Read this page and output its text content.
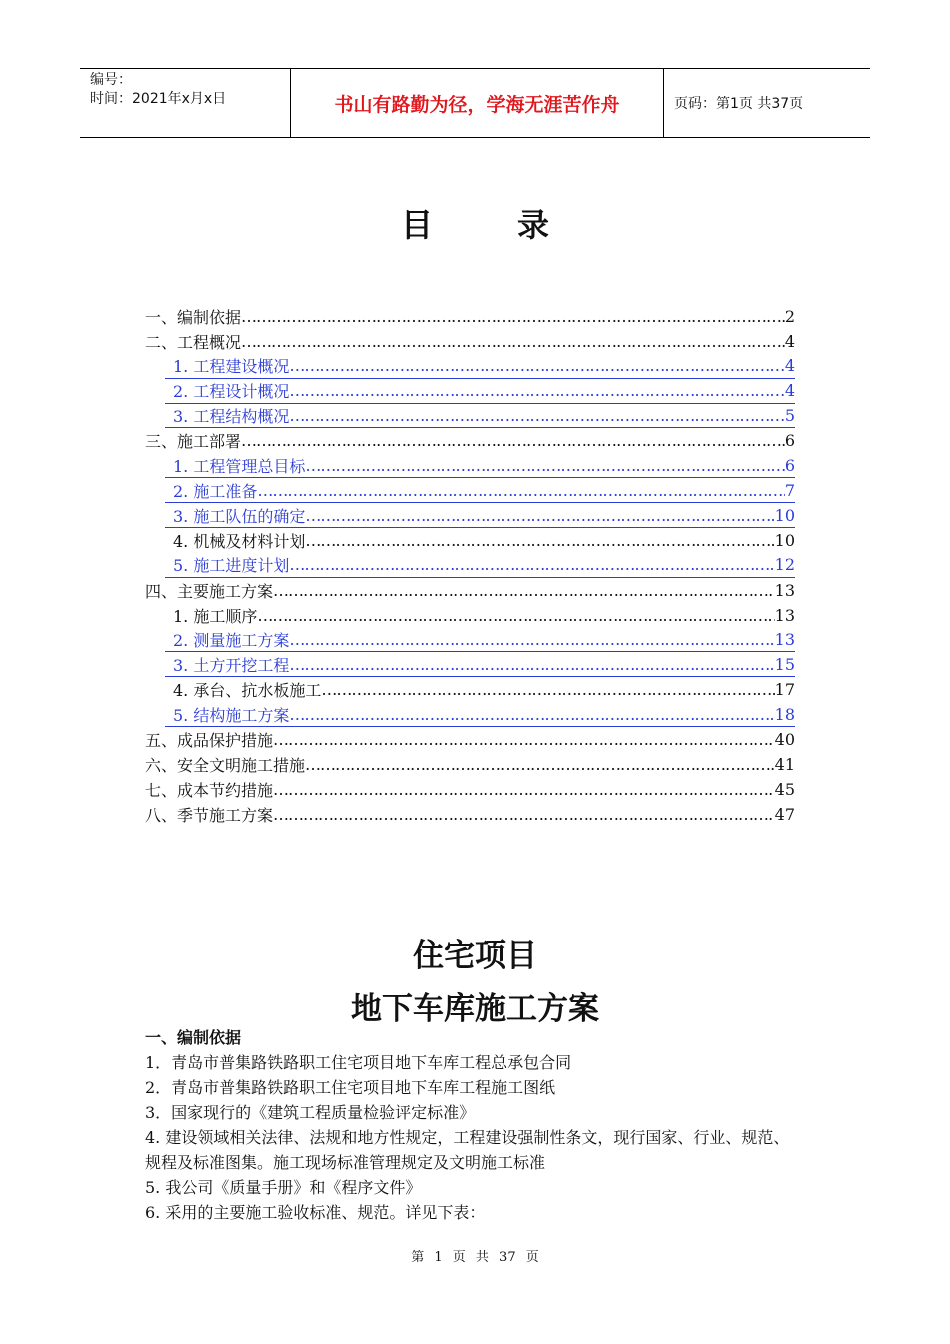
编号：
时间：2021年x月x日	书山有路勤为径，学海无涯苦作舟	页码：第1页 共37页
目录
一、编制依据 ………………………………………………………………………………………………………………………………………………………………	2
二、工程概况 ………………………………………………………………………………………………………………………………………………………………	4
1. 工程建设概况 ………………………………………………………………………………………………………………………………………………………………	4
2. 工程设计概况 ………………………………………………………………………………………………………………………………………………………………	4
3. 工程结构概况 ………………………………………………………………………………………………………………………………………………………………	5
三、施工部署 ………………………………………………………………………………………………………………………………………………………………	6
1. 工程管理总目标 ………………………………………………………………………………………………………………………………………………………………	6
2. 施工准备 ………………………………………………………………………………………………………………………………………………………………	7
3. 施工队伍的确定 ………………………………………………………………………………………………………………………………………………………………	10
4. 机械及材料计划 ………………………………………………………………………………………………………………………………………………………………	10
5. 施工进度计划 ………………………………………………………………………………………………………………………………………………………………	12
四、主要施工方案 ………………………………………………………………………………………………………………………………………………………………	13
1. 施工顺序 ………………………………………………………………………………………………………………………………………………………………	13
2. 测量施工方案 ………………………………………………………………………………………………………………………………………………………………	13
3. 土方开挖工程 ………………………………………………………………………………………………………………………………………………………………	15
4. 承台、抗水板施工 ………………………………………………………………………………………………………………………………………………………………	17
5. 结构施工方案 ………………………………………………………………………………………………………………………………………………………………	18
五、成品保护措施 ………………………………………………………………………………………………………………………………………………………………	40
六、安全文明施工措施 ………………………………………………………………………………………………………………………………………………………………	41
七、成本节约措施 ………………………………………………………………………………………………………………………………………………………………	45
八、季节施工方案 ………………………………………………………………………………………………………………………………………………………………	47
住宅项目
地下车库施工方案
一、编制依据

1．青岛市普集路铁路职工住宅项目地下车库工程总承包合同

2．青岛市普集路铁路职工住宅项目地下车库工程施工图纸

3．国家现行的《建筑工程质量检验评定标准》

4. 建设领域相关法律、法规和地方性规定，工程建设强制性条文，现行国家、行业、规范、规程及标准图集。施工现场标准管理规定及文明施工标准

5. 我公司《质量手册》和《程序文件》

6. 采用的主要施工验收标准、规范。详见下表：

第 1 页 共 37 页
